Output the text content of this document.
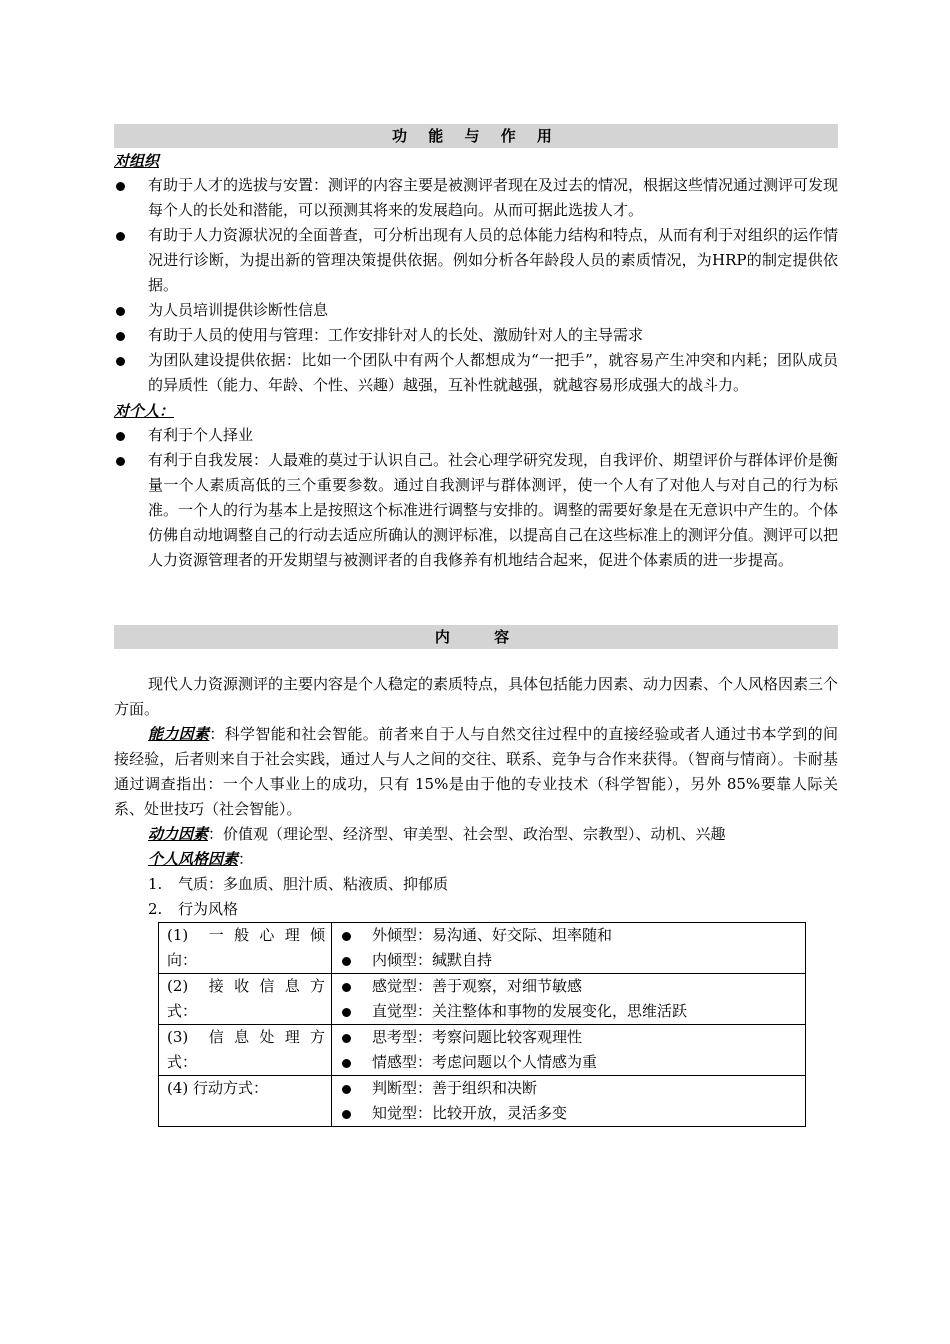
功 能 与 作 用
对组织
有助于人才的选拔与安置：测评的内容主要是被测评者现在及过去的情况，根据这些情况通过测评可发现每个人的长处和潜能，可以预测其将来的发展趋向。从而可据此选拔人才。
有助于人力资源状况的全面普查，可分析出现有人员的总体能力结构和特点，从而有利于对组织的运作情况进行诊断，为提出新的管理决策提供依据。例如分析各年龄段人员的素质情况，为HRP的制定提供依据。
为人员培训提供诊断性信息
有助于人员的使用与管理：工作安排针对人的长处、激励针对人的主导需求
为团队建设提供依据：比如一个团队中有两个人都想成为“一把手”，就容易产生冲突和内耗；团队成员的异质性（能力、年龄、个性、兴趣）越强，互补性就越强，就越容易形成强大的战斗力。
对个人：
有利于个人择业
有利于自我发展：人最难的莫过于认识自己。社会心理学研究发现，自我评价、期望评价与群体评价是衡量一个人素质高低的三个重要参数。通过自我测评与群体测评，使一个人有了对他人与对自己的行为标准。一个人的行为基本上是按照这个标准进行调整与安排的。调整的需要好象是在无意识中产生的。个体仿佛自动地调整自己的行动去适应所确认的测评标准，以提高自己在这些标准上的测评分值。测评可以把人力资源管理者的开发期望与被测评者的自我修养有机地结合起来，促进个体素质的进一步提高。
内　 容

现代人力资源测评的主要内容是个人稳定的素质特点，具体包括能力因素、动力因素、个人风格因素三个方面。

能力因素：科学智能和社会智能。前者来自于人与自然交往过程中的直接经验或者人通过书本学到的间接经验，后者则来自于社会实践，通过人与人之间的交往、联系、竞争与合作来获得。（智商与情商）。卡耐基通过调查指出：一个人事业上的成功，只有 15%是由于他的专业技术（科学智能），另外 85%要靠人际关系、处世技巧（社会智能）。

动力因素：价值观（理论型、经济型、审美型、社会型、政治型、宗教型）、动机、兴趣

个人风格因素：

1. 气质：多血质、胆汁质、粘液质、抑郁质
2. 行为风格
(1)　一 般 心 理 倾向：	外倾型：易沟通、好交际、坦率随和
内倾型：缄默自持

(2)　接 收 信 息 方式：	感觉型：善于观察，对细节敏感
直觉型：关注整体和事物的发展变化，思维活跃

(3)　信 息 处 理 方式：	思考型：考察问题比较客观理性
情感型：考虑问题以个人情感为重

(4) 行动方式：	判断型：善于组织和决断
知觉型：比较开放，灵活多变
